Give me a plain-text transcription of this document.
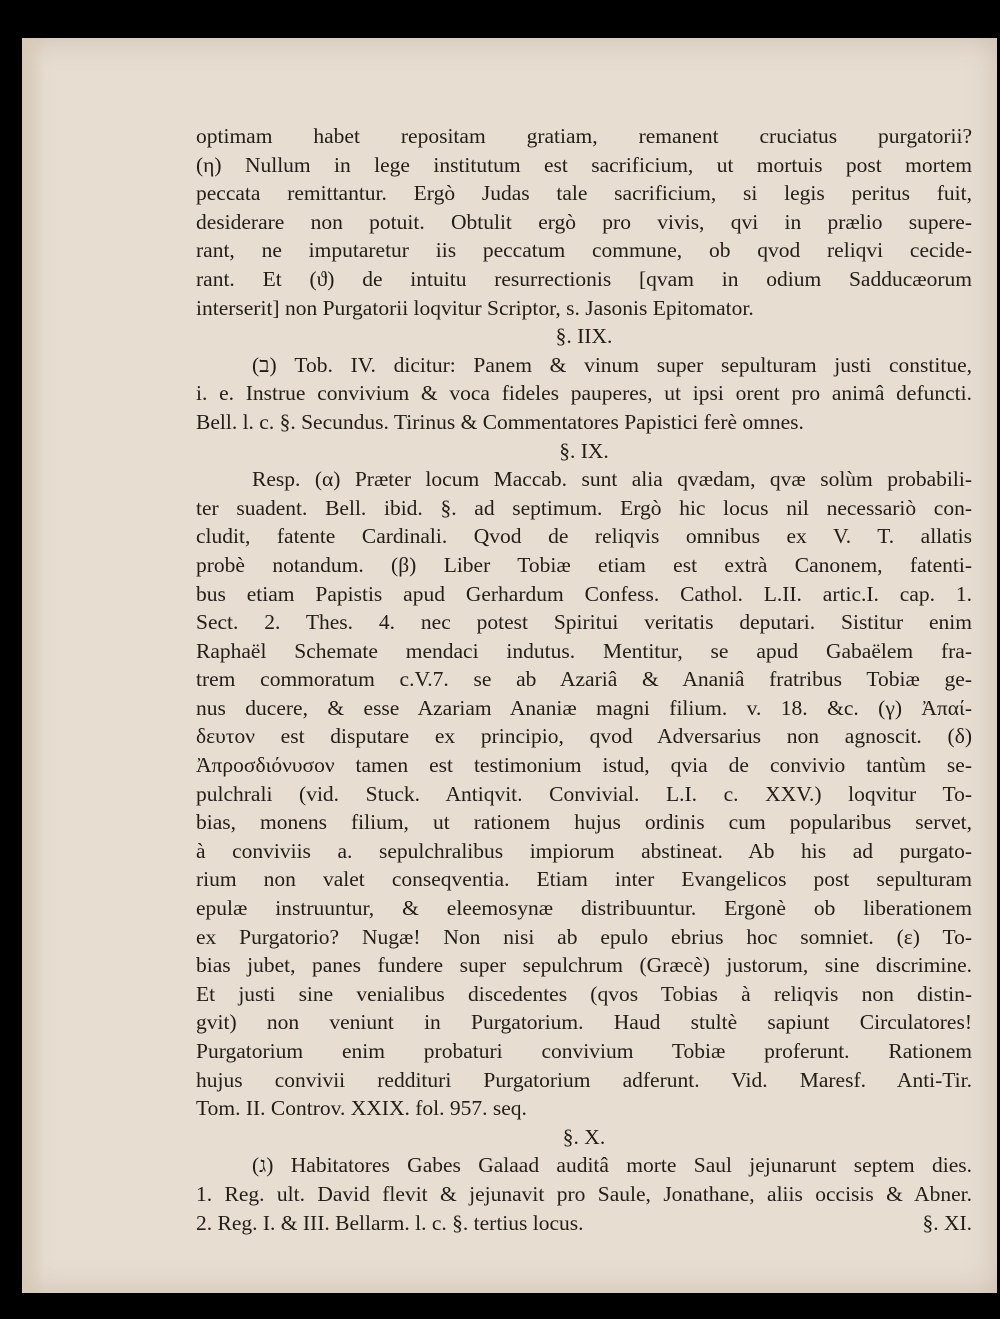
optimam habet repositam gratiam, remanent cruciatus purgatorii?
(η) Nullum in lege institutum est sacrificium, ut mortuis post mortem
peccata remittantur. Ergò Judas tale sacrificium, si legis peritus fuit,
desiderare non potuit. Obtulit ergò pro vivis, qvi in prælio supere-
rant, ne imputaretur iis peccatum commune, ob qvod reliqvi cecide-
rant. Et (ϑ) de intuitu resurrectionis [qvam in odium Sadducæorum
interserit] non Purgatorii loqvitur Scriptor, s. Jasonis Epitomator.
§. IIX.
(ב) Tob. IV. dicitur: Panem & vinum super sepulturam justi constitue,
i. e. Instrue convivium & voca fideles pauperes, ut ipsi orent pro animâ defuncti.
Bell. l. c. §. Secundus. Tirinus & Commentatores Papistici ferè omnes.
§. IX.
Resp. (α) Præter locum Maccab. sunt alia qvædam, qvæ solùm probabili-
ter suadent. Bell. ibid. §. ad septimum. Ergò hic locus nil necessariò con-
cludit, fatente Cardinali. Qvod de reliqvis omnibus ex V. T. allatis
probè notandum. (β) Liber Tobiæ etiam est extrà Canonem, fatenti-
bus etiam Papistis apud Gerhardum Confess. Cathol. L.II. artic.I. cap. 1.
Sect. 2. Thes. 4. nec potest Spiritui veritatis deputari. Sistitur enim
Raphaël Schemate mendaci indutus. Mentitur, se apud Gabaëlem fra-
trem commoratum c.V.7. se ab Azariâ & Ananiâ fratribus Tobiæ ge-
nus ducere, & esse Azariam Ananiæ magni filium. v. 18. &c. (γ) Ἀπαί-
δευτον est disputare ex principio, qvod Adversarius non agnoscit. (δ)
Ἀπροσδιόνυσον tamen est testimonium istud, qvia de convivio tantùm se-
pulchrali (vid. Stuck. Antiqvit. Convivial. L.I. c. XXV.) loqvitur To-
bias, monens filium, ut rationem hujus ordinis cum popularibus servet,
à conviviis a. sepulchralibus impiorum abstineat. Ab his ad purgato-
rium non valet conseqventia. Etiam inter Evangelicos post sepulturam
epulæ instruuntur, & eleemosynæ distribuuntur. Ergonè ob liberationem
ex Purgatorio? Nugæ! Non nisi ab epulo ebrius hoc somniet. (ε) To-
bias jubet, panes fundere super sepulchrum (Græcè) justorum, sine discrimine.
Et justi sine venialibus discedentes (qvos Tobias à reliqvis non distin-
gvit) non veniunt in Purgatorium. Haud stultè sapiunt Circulatores!
Purgatorium enim probaturi convivium Tobiæ proferunt. Rationem
hujus convivii reddituri Purgatorium adferunt. Vid. Maresf. Anti-Tir.
Tom. II. Controv. XXIX. fol. 957. seq.
§. X.
(ג) Habitatores Gabes Galaad auditâ morte Saul jejunarunt septem dies.
1. Reg. ult. David flevit & jejunavit pro Saule, Jonathane, aliis occisis & Abner.
2. Reg. I. & III. Bellarm. l. c. §. tertius locus.	§. XI.
